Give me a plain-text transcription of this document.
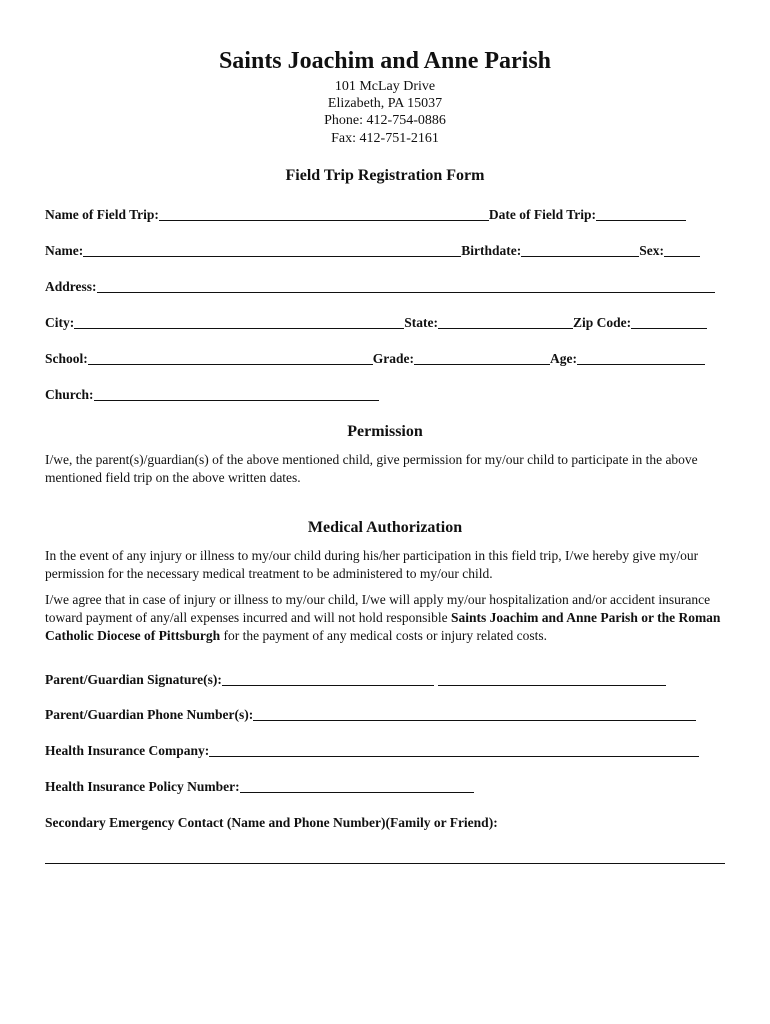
Saints Joachim and Anne Parish
101 McLay Drive
Elizabeth, PA 15037
Phone: 412-754-0886
Fax: 412-751-2161
Field Trip Registration Form
Name of Field Trip:	Date of Field Trip:
Name:	Birthdate:	Sex:
Address:
City:	State:	Zip Code:
School:	Grade:	Age:
Church:
Permission
I/we, the parent(s)/guardian(s) of the above mentioned child, give permission for my/our child to participate in the above mentioned field trip on the above written dates.
Medical Authorization
In the event of any injury or illness to my/our child during his/her participation in this field trip, I/we hereby give my/our permission for the necessary medical treatment to be administered to my/our child.
I/we agree that in case of injury or illness to my/our child, I/we will apply my/our hospitalization and/or accident insurance toward payment of any/all expenses incurred and will not hold responsible Saints Joachim and Anne Parish or the Roman Catholic Diocese of Pittsburgh for the payment of any medical costs or injury related costs.
Parent/Guardian Signature(s):
Parent/Guardian Phone Number(s):
Health Insurance Company:
Health Insurance Policy Number:
Secondary Emergency Contact (Name and Phone Number)(Family or Friend):
